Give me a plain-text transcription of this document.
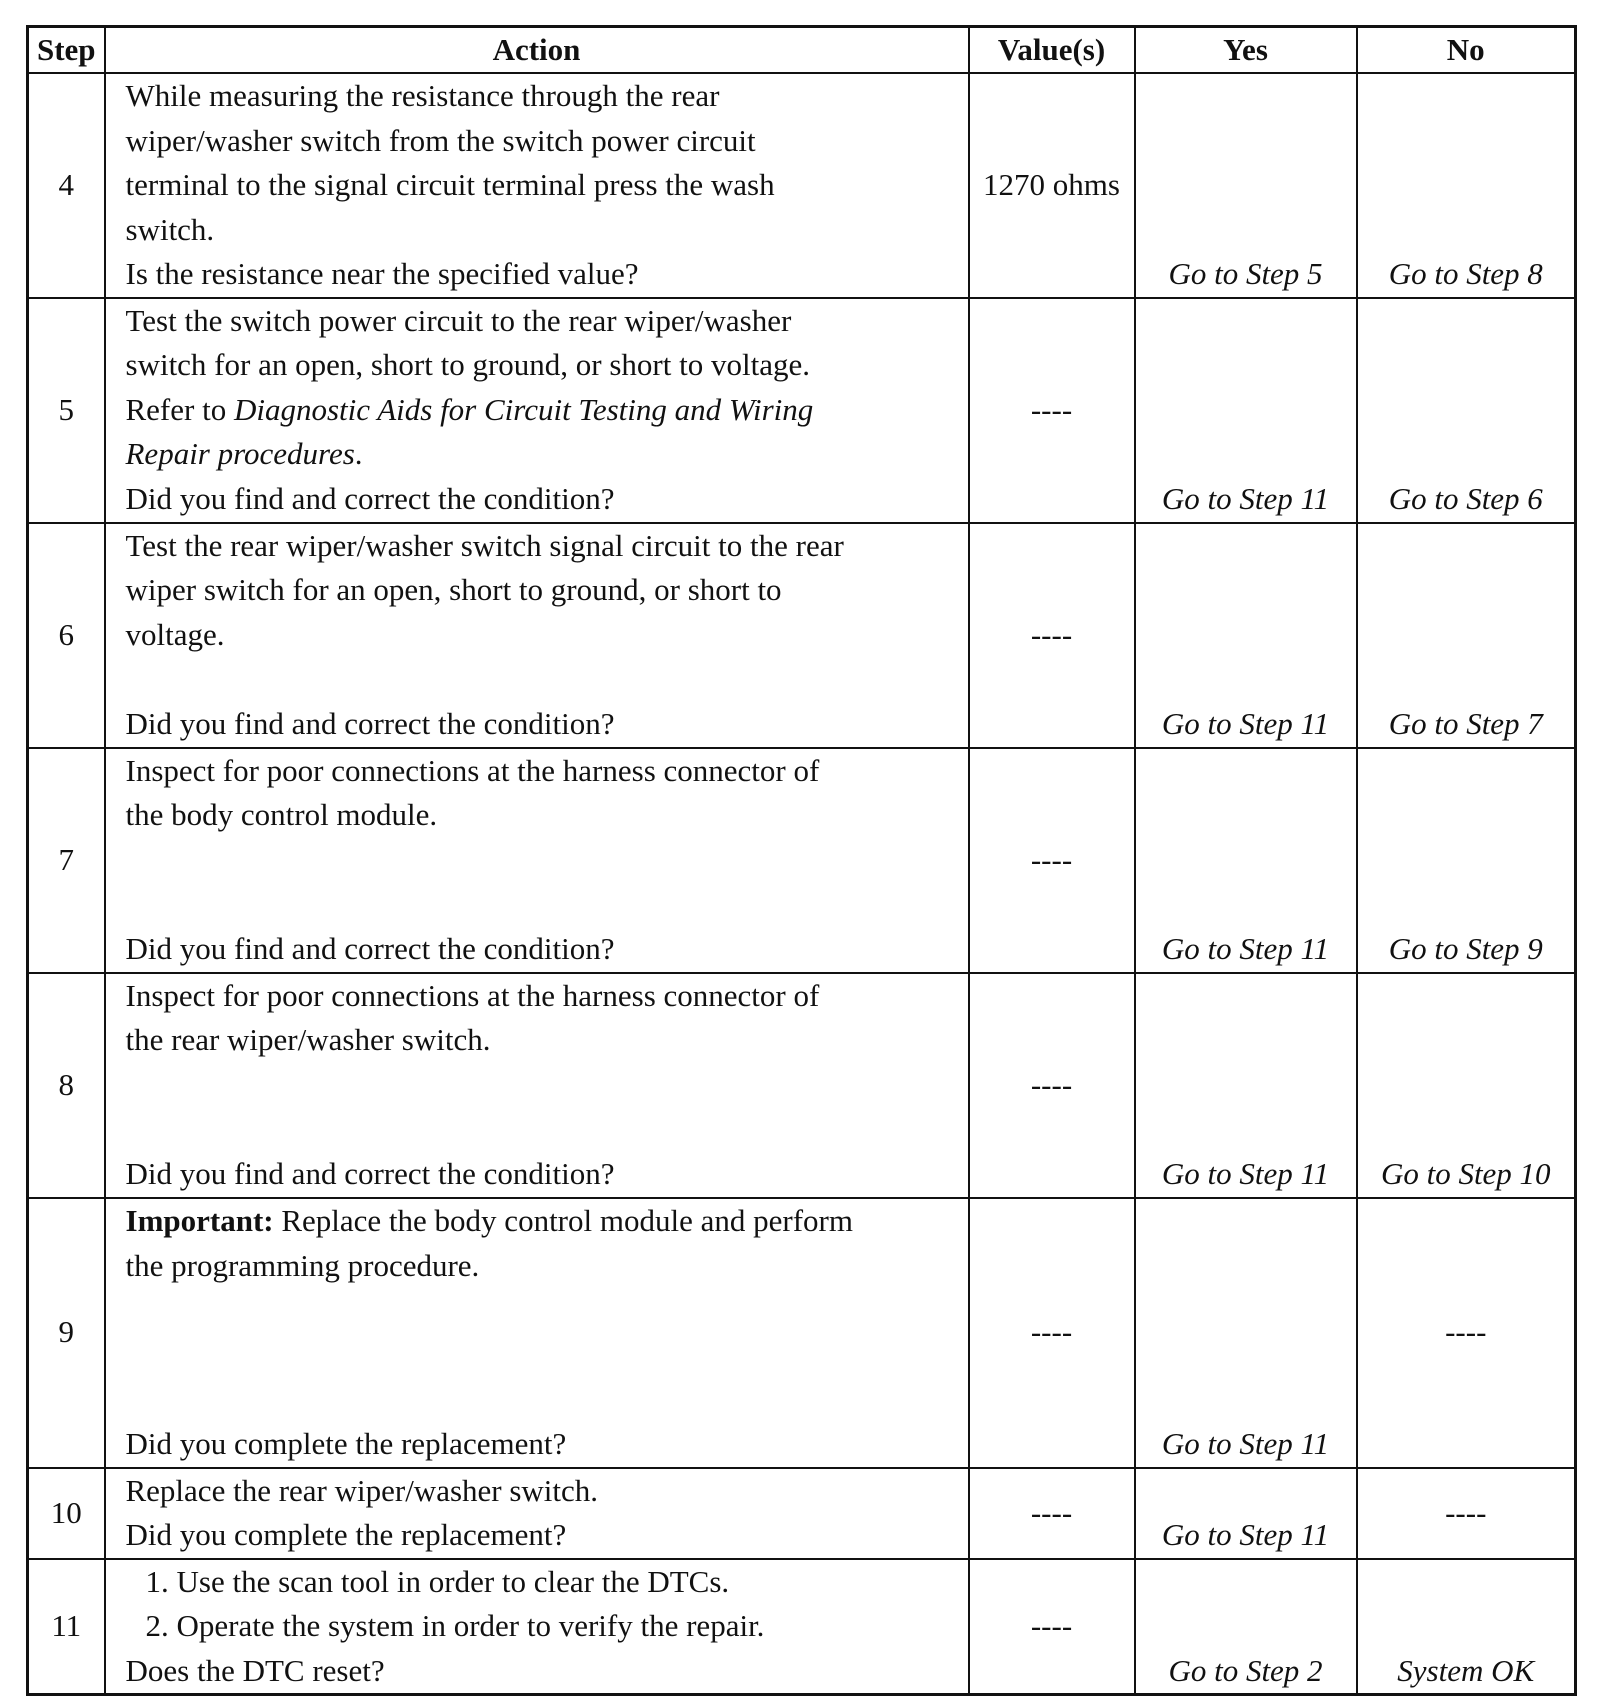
Step	Action	Value(s)	Yes	No
4	While measuring the resistance through the rear
wiper/washer switch from the switch power circuit
terminal to the signal circuit terminal press the wash
switch.
Is the resistance near the specified value?	1270 ohms	Go to Step 5	Go to Step 8
5	Test the switch power circuit to the rear wiper/washer
switch for an open, short to ground, or short to voltage.
Refer to Diagnostic Aids for Circuit Testing and Wiring
Repair procedures.
Did you find and correct the condition?	----	Go to Step 11	Go to Step 6
6	Test the rear wiper/washer switch signal circuit to the rear
wiper switch for an open, short to ground, or short to
voltage.
Did you find and correct the condition?	----	Go to Step 11	Go to Step 7
7	Inspect for poor connections at the harness connector of
the body control module.
Did you find and correct the condition?	----	Go to Step 11	Go to Step 9
8	Inspect for poor connections at the harness connector of
the rear wiper/washer switch.
Did you find and correct the condition?	----	Go to Step 11	Go to Step 10
9	Important: Replace the body control module and perform
the programming procedure.
Did you complete the replacement?	----	Go to Step 11	----
10	Replace the rear wiper/washer switch.
Did you complete the replacement?	----	Go to Step 11	----
11	1. Use the scan tool in order to clear the DTCs.
2. Operate the system in order to verify the repair.
Does the DTC reset?	----	Go to Step 2	System OK
